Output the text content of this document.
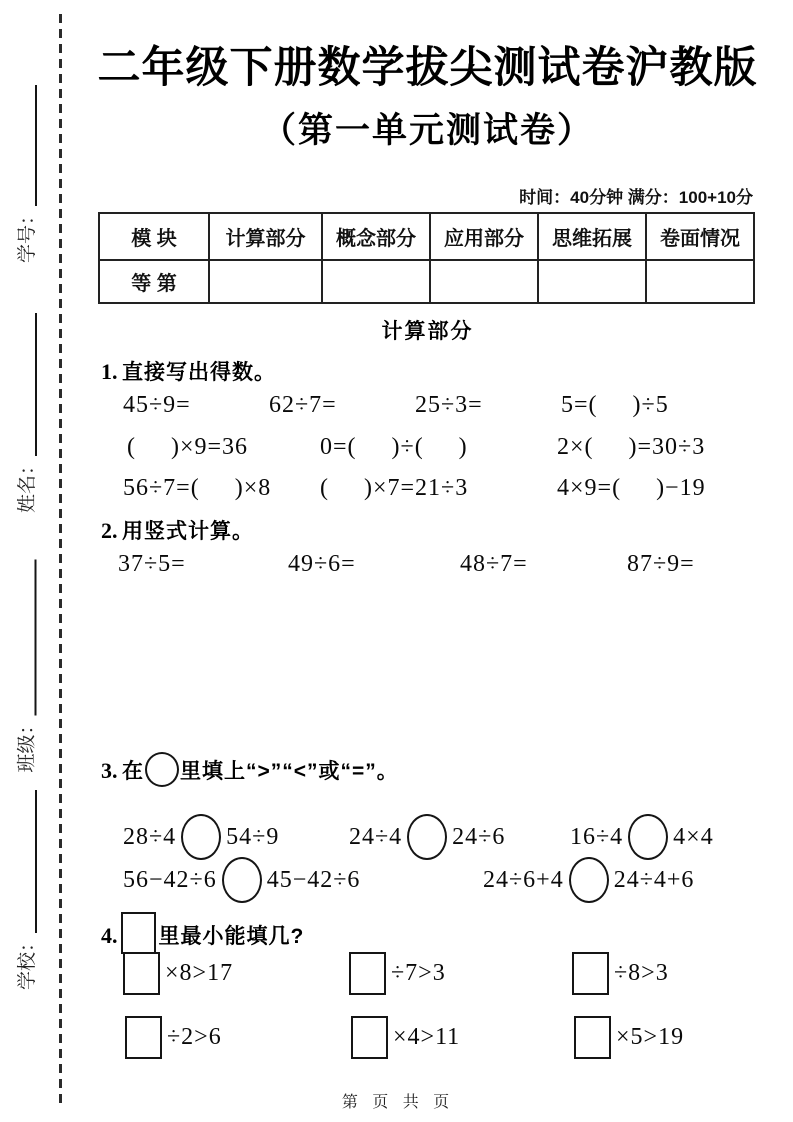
学号：
姓名：
班级：
学校：
二年级下册数学拔尖测试卷沪教版
（第一单元测试卷）
时间：40分钟 满分：100+10分
模 块	计算部分	概念部分	应用部分	思维拓展	卷面情况
等 第					
计算部分
1. 直接写出得数。
45÷9=	62÷7=	25÷3=	5=(     )÷5
(     )×9=36	0=(     )÷(     )	2×(     )=30÷3
56÷7=(     )×8	(     )×7=21÷3	4×9=(     )−19
2. 用竖式计算。
37÷5=	49÷6=	48÷7=	87÷9=
3. 在 里填上“>”“<”或“=”。
28÷4 54÷9	24÷4 24÷6	16÷4 4×4
56−42÷6 45−42÷6	24÷6+4 24÷4+6
4. 里最小能填几?
×8>17	÷7>3	÷8>3
÷2>6	×4>11	×5>19
第 页 共 页
